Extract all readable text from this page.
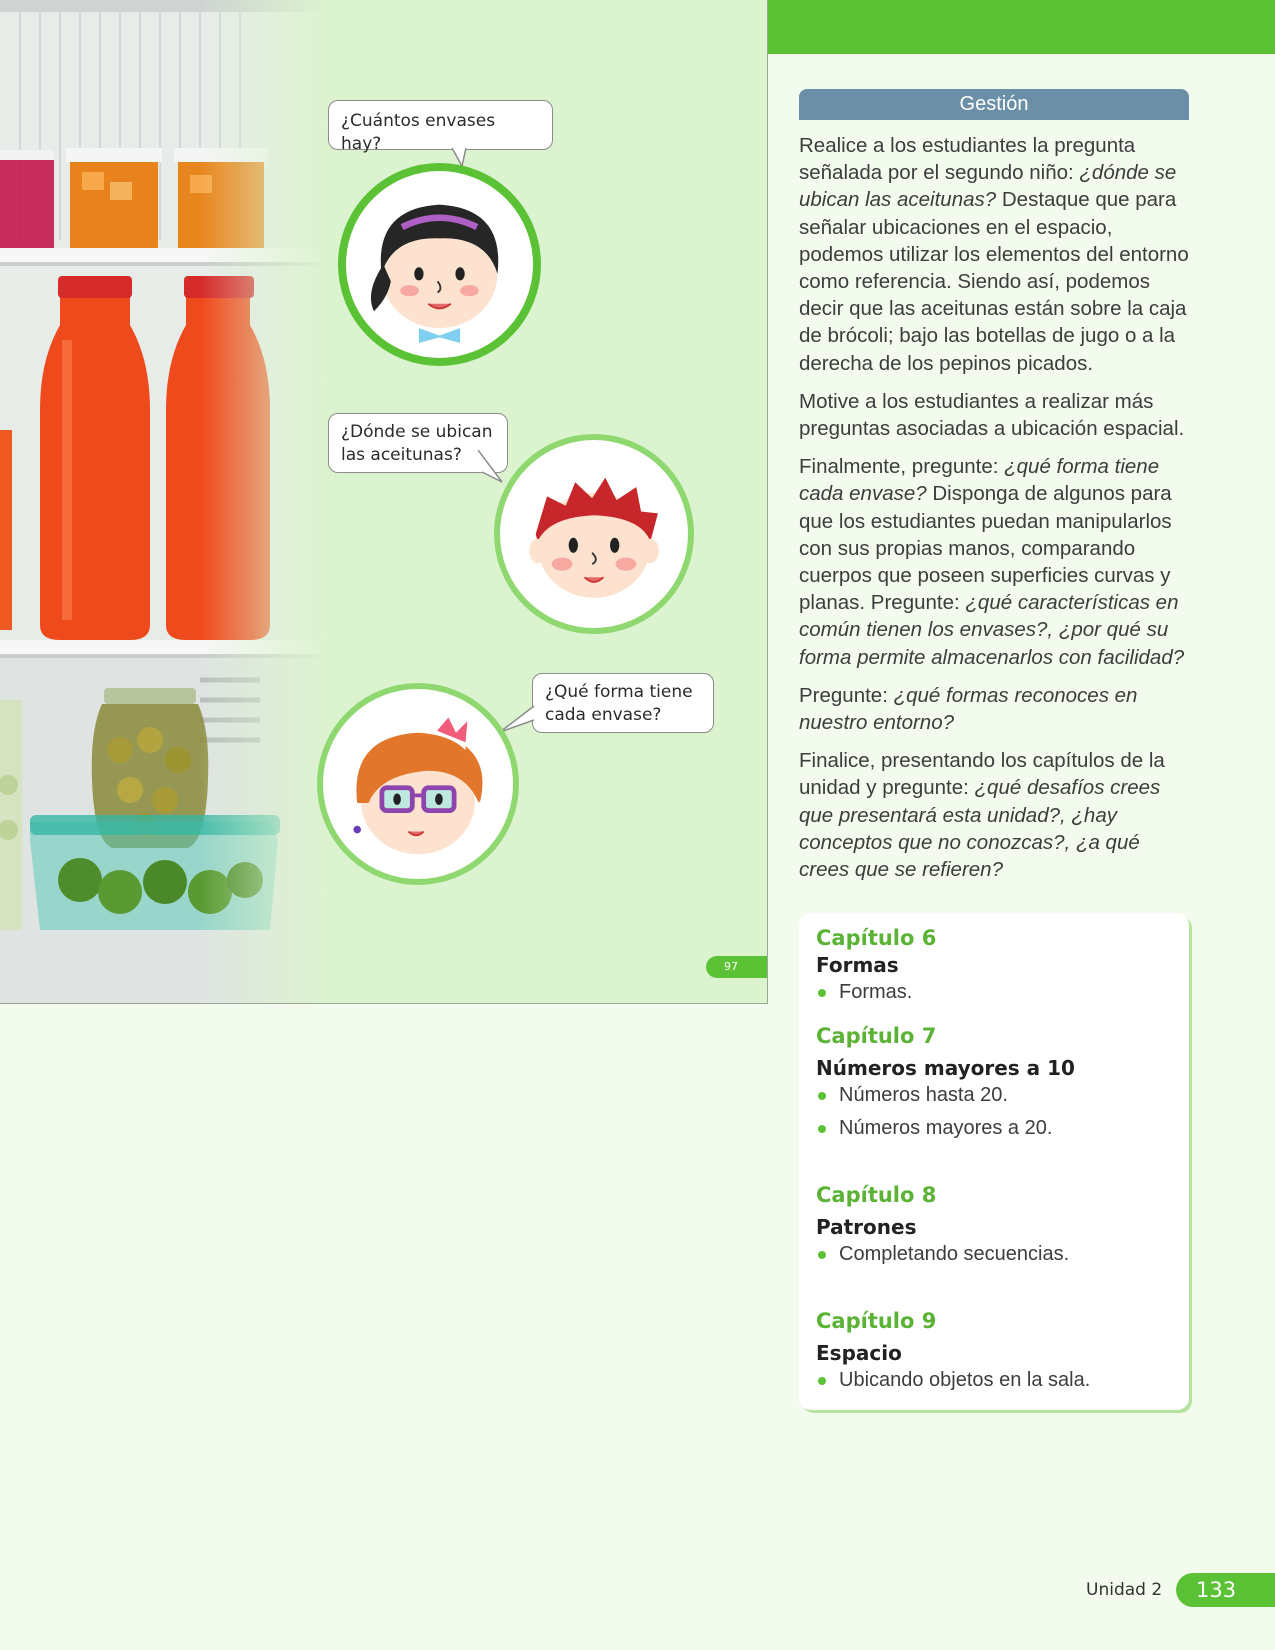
¿Cuántos envases hay?
¿Dónde se ubican
las aceitunas?
¿Qué forma tiene
cada envase?
97
Gestión

Realice a los estudiantes la pregunta señalada por el segundo niño: ¿dónde se ubican las aceitunas? Destaque que para señalar ubicaciones en el espacio, podemos utilizar los elementos del entorno como referencia. Siendo así, podemos decir que las aceitunas están sobre la caja de brócoli; bajo las botellas de jugo o a la derecha de los pepinos picados.

Motive a los estudiantes a realizar más preguntas asociadas a ubicación espacial.

Finalmente, pregunte: ¿qué forma tiene cada envase? Disponga de algunos para que los estudiantes puedan manipularlos con sus propias manos, comparando cuerpos que poseen superficies curvas y planas. Pregunte: ¿qué características en común tienen los envases?, ¿por qué su forma permite almacenarlos con facilidad?

Pregunte: ¿qué formas reconoces en nuestro entorno?

Finalice, presentando los capítulos de la unidad y pregunte: ¿qué desafíos crees que presentará esta unidad?, ¿hay conceptos que no conozcas?, ¿a qué crees que se refieren?

Capítulo 6
Formas
Formas.
Capítulo 7
Números mayores a 10
Números hasta 20.
Números mayores a 20.
Capítulo 8
Patrones
Completando secuencias.
Capítulo 9
Espacio
Ubicando objetos en la sala.
Unidad 2	133
